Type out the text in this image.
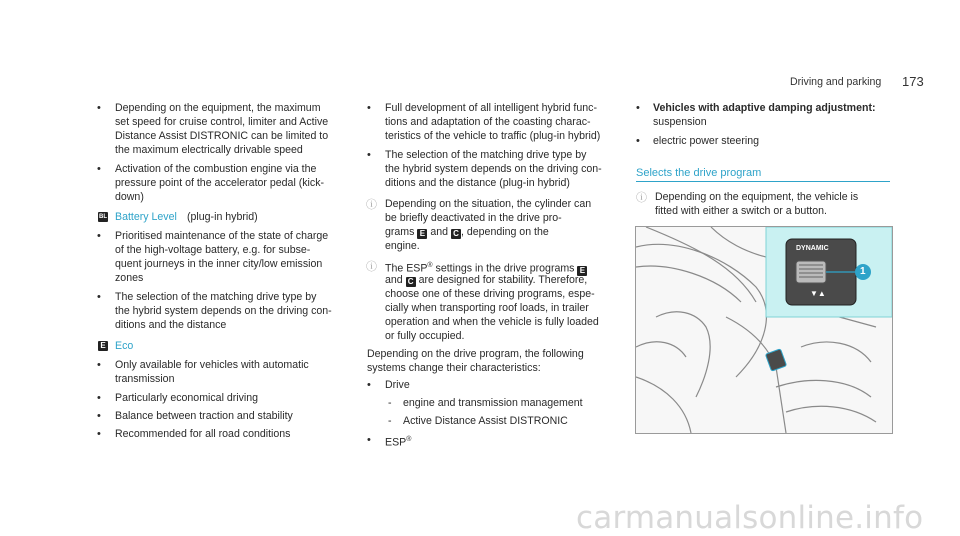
Driving and parking 173
• Depending on the equipment, the maximum
set speed for cruise control, limiter and Active
Distance Assist DISTRONIC can be limited to
the maximum electrically drivable speed
• Activation of the combustion engine via the
pressure point of the accelerator pedal (kick-
down)
BL Battery Level (plug-in hybrid)
• Prioritised maintenance of the state of charge
of the high-voltage battery, e.g. for subse-
quent journeys in the inner city/low emission
zones
• The selection of the matching drive type by
the hybrid system depends on the driving con-
ditions and the distance
E Eco
• Only available for vehicles with automatic
transmission
• Particularly economical driving
• Balance between traction and stability
• Recommended for all road conditions
• Full development of all intelligent hybrid func-
tions and adaptation of the coasting charac-
teristics of the vehicle to traffic (plug-in hybrid)
• The selection of the matching drive type by
the hybrid system depends on the driving con-
ditions and the distance (plug-in hybrid)
ⓘ Depending on the situation, the cylinder can
be briefly deactivated in the drive pro-
grams E and C , depending on the
engine.
ⓘ The ESP® settings in the drive programs E
and C are designed for stability. Therefore,
choose one of these driving programs, espe-
cially when transporting roof loads, in trailer
operation and when the vehicle is fully loaded
or fully occupied.
Depending on the drive program, the following
systems change their characteristics:
• Drive
- engine and transmission management
- Active Distance Assist DISTRONIC
• ESP®
• Vehicles with adaptive damping adjustment:
suspension
• electric power steering
Selects the drive program
ⓘ Depending on the equipment, the vehicle is
fitted with either a switch or a button.
DYNAMIC
1
▼▲
carmanualsonline.info
